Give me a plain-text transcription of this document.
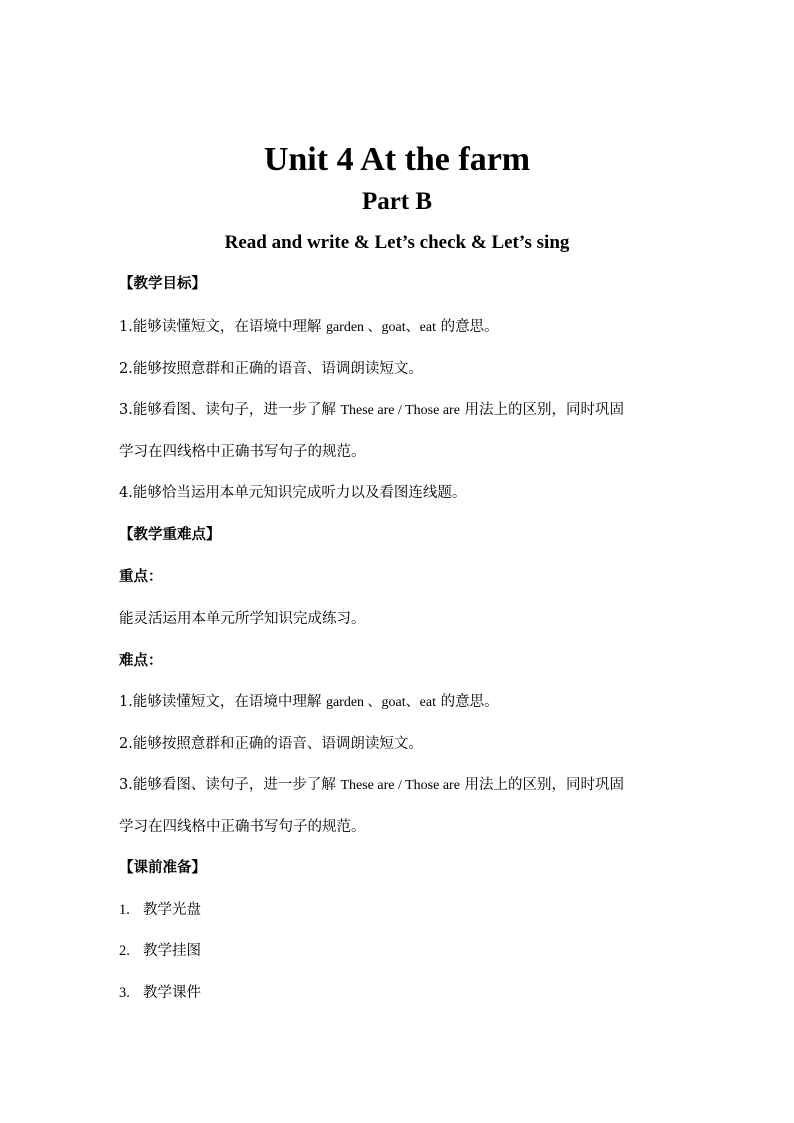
Unit 4 At the farm
Part B
Read and write & Let’s check & Let’s sing

【教学目标】

1.能够读懂短文，在语境中理解 garden 、goat、eat 的意思。

2.能够按照意群和正确的语音、语调朗读短文。

3.能够看图、读句子，进一步了解 These are / Those are 用法上的区别，同时巩固

学习在四线格中正确书写句子的规范。

4.能够恰当运用本单元知识完成听力以及看图连线题。

【教学重难点】

重点：

能灵活运用本单元所学知识完成练习。

难点：

1.能够读懂短文，在语境中理解 garden 、goat、eat 的意思。

2.能够按照意群和正确的语音、语调朗读短文。

3.能够看图、读句子，进一步了解 These are / Those are 用法上的区别，同时巩固

学习在四线格中正确书写句子的规范。

【课前准备】

1. 教学光盘

2. 教学挂图

3. 教学课件
